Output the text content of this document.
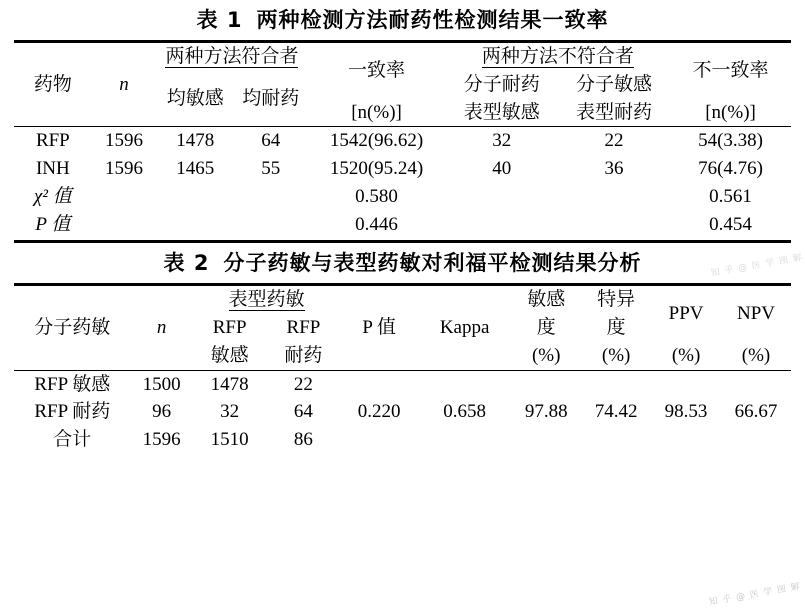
表 1 两种检测方法耐药性检测结果一致率
药物	n	两种方法符合者		一致率	两种方法不符合者		不一致率
		均敏感	均耐药		分子耐药	分子敏感	
				[n(%)]	表型敏感	表型耐药	[n(%)]
RFP	1596	1478	64	1542(96.62)	32	22	54(3.38)
INH	1596	1465	55	1520(95.24)	40	36	76(4.76)
χ² 值				0.580			0.561
P 值				0.446			0.454
表 2 分子药敏与表型药敏对利福平检测结果分析
分子药敏	n	表型药敏		P 值	Kappa	敏感	特异	PPV	NPV
		RFP	RFP			度	度		
		敏感	耐药			(%)	(%)	(%)	(%)
RFP 敏感	1500	1478	22						
RFP 耐药	96	32	64	0.220	0.658	97.88	74.42	98.53	66.67
合计	1596	1510	86						
知 乎 @ 医 学 图 解
知 乎 @ 医 学 图 解
